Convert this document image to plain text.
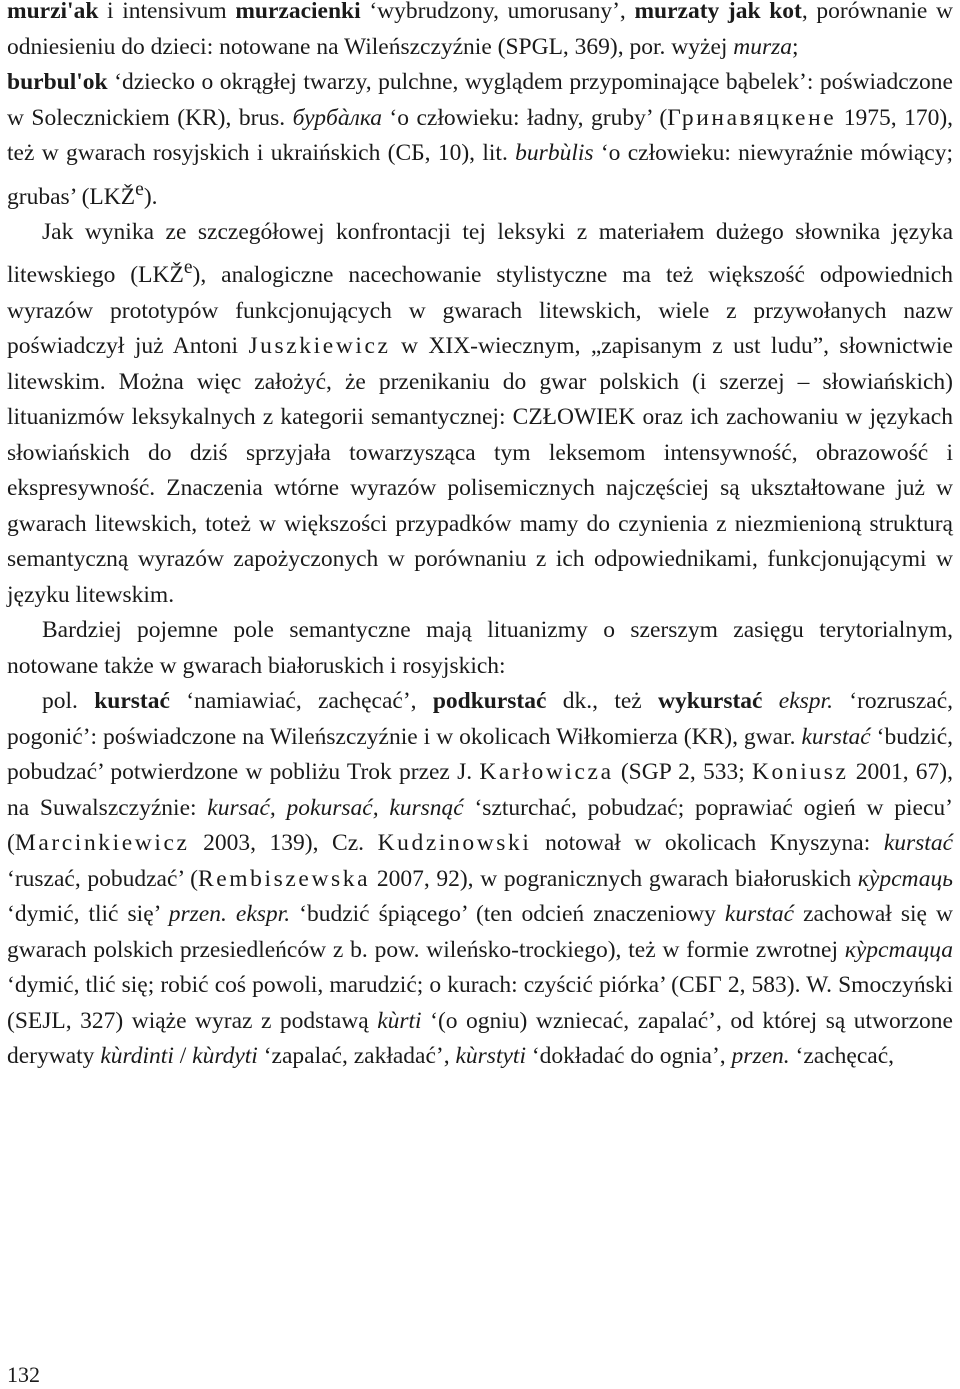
murzi'ak i intensivum murzacienki ‘wybrudzony, umorusany’, murzaty jak kot, porównanie w odniesieniu do dzieci: notowane na Wileńszczyźnie (SPGL, 369), por. wyżej murza;

burbul'ok ‘dziecko o okrągłej twarzy, pulchne, wyglądem przypominające bąbelek’: poświadczone w Solecznickiem (KR), brus. бурбàлка ‘o człowieku: ładny, gruby’ (Гринавяцкене 1975, 170), też w gwarach rosyjskich i ukraińskich (СБ, 10), lit. burbùlis ‘o człowieku: niewyraźnie mówiący; grubas’ (LKŽ$^e$).

Jak wynika ze szczegółowej konfrontacji tej leksyki z materiałem dużego słownika języka litewskiego (LKŽ$^e$), analogiczne nacechowanie stylistyczne ma też większość odpowiednich wyrazów prototypów funkcjonujących w gwarach litewskich, wiele z przywołanych nazw poświadczył już Antoni Juszkiewicz w XIX-wiecznym, „zapisanym z ust ludu”, słownictwie litewskim. Można więc założyć, że przenikaniu do gwar polskich (i szerzej – słowiańskich) lituanizmów leksykalnych z kategorii semantycznej: CZŁOWIEK oraz ich zachowaniu w językach słowiańskich do dziś sprzyjała towarzysząca tym leksemom intensywność, obrazowość i ekspresywność. Znaczenia wtórne wyrazów polisemicznych najczęściej są ukształtowane już w gwarach litewskich, toteż w większości przypadków mamy do czynienia z niezmienioną strukturą semantyczną wyrazów zapożyczonych w porównaniu z ich odpowiednikami, funkcjonującymi w języku litewskim.

Bardziej pojemne pole semantyczne mają lituanizmy o szerszym zasięgu terytorialnym, notowane także w gwarach białoruskich i rosyjskich:

pol. kurstać ‘namiawiać, zachęcać’, podkurstać dk., też wykurstać ekspr. ‘rozruszać, pogonić’: poświadczone na Wileńszczyźnie i w okolicach Wiłkomierza (KR), gwar. kurstać ‘budzić, pobudzać’ potwierdzone w pobliżu Trok przez J. Karłowicza (SGP 2, 533; Koniusz 2001, 67), na Suwalszczyźnie: kursać, pokursać, kursnąć ‘szturchać, pobudzać; poprawiać ogień w piecu’ (Marcinkiewicz 2003, 139), Cz. Kudzinowski notował w okolicach Knyszyna: kurstać ‘ruszać, pobudzać’ (Rembiszewska 2007, 92), w pogranicznych gwarach białoruskich кỳрстаць ‘dymić, tlić się’ przen. ekspr. ‘budzić śpiącego’ (ten odcień znaczeniowy kurstać zachował się w gwarach polskich przesiedleńców z b. pow. wileńsko-trockiego), też w formie zwrotnej кỳрстацца ‘dymić, tlić się; robić coś powoli, marudzić; o kurach: czyścić piórka’ (СБГ 2, 583). W. Smoczyński (SEJL, 327) wiąże wyraz z podstawą kùrti ‘(o ogniu) wzniecać, zapalać’, od której są utworzone derywaty kùrdinti / kùrdyti ‘zapalać, zakładać’, kùrstyti ‘dokładać do ognia’, przen. ‘zachęcać,

132
